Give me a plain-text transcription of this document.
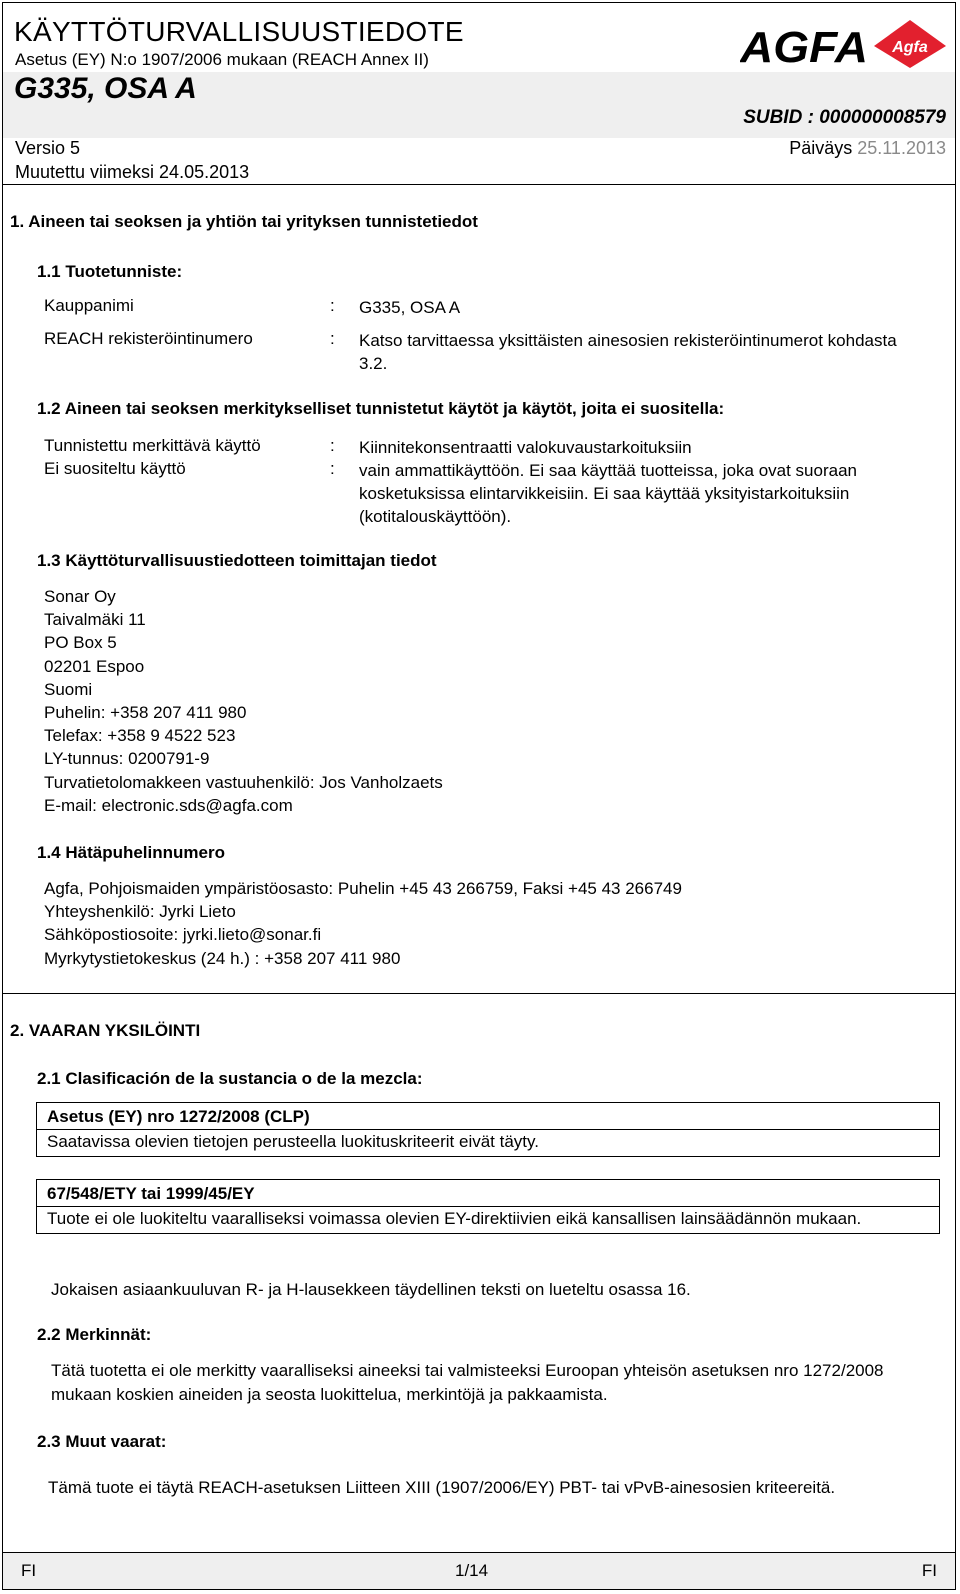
KÄYTTÖTURVALLISUUSTIEDOTE
Asetus (EY) N:o 1907/2006 mukaan (REACH Annex II)
G335, OSA A
SUBID : 000000008579
Versio 5
Muutettu viimeksi 24.05.2013
Päiväys 25.11.2013
AGFA Agfa
1. Aineen tai seoksen ja yhtiön tai yrityksen tunnistetiedot
1.1 Tuotetunniste:
Kauppanimi	: G335, OSA A
REACH rekisteröintinumero	: Katso tarvittaessa yksittäisten ainesosien rekisteröintinumerot kohdasta 3.2.
1.2 Aineen tai seoksen merkitykselliset tunnistetut käytöt ja käytöt, joita ei suositella:
Tunnistettu merkittävä käyttö	: Kiinnitekonsentraatti valokuvaustarkoituksiin
Ei suositeltu käyttö	: vain ammattikäyttöön. Ei saa käyttää tuotteissa, joka ovat suoraan kosketuksissa elintarvikkeisiin. Ei saa käyttää yksityistarkoituksiin (kotitalouskäyttöön).
1.3 Käyttöturvallisuustiedotteen toimittajan tiedot
Sonar Oy
Taivalmäki 11
PO Box 5
02201 Espoo
Suomi
Puhelin: +358 207 411 980
Telefax: +358 9 4522 523
LY-tunnus: 0200791-9
Turvatietolomakkeen vastuuhenkilö: Jos Vanholzaets
E-mail: electronic.sds@agfa.com
1.4 Hätäpuhelinnumero
Agfa, Pohjoismaiden ympäristöosasto: Puhelin +45 43 266759, Faksi +45 43 266749
Yhteyshenkilö: Jyrki Lieto
Sähköpostiosoite: jyrki.lieto@sonar.fi
Myrkytystietokeskus (24 h.) : +358 207 411 980
2. VAARAN YKSILÖINTI
2.1 Clasificación de la sustancia o de la mezcla:
Asetus (EY) nro 1272/2008 (CLP)
Saatavissa olevien tietojen perusteella luokituskriteerit eivät täyty.
67/548/ETY tai 1999/45/EY
Tuote ei ole luokiteltu vaaralliseksi voimassa olevien EY-direktiivien eikä kansallisen lainsäädännön mukaan.
Jokaisen asiaankuuluvan R- ja H-lausekkeen täydellinen teksti on lueteltu osassa 16.
2.2 Merkinnät:
Tätä tuotetta ei ole merkitty vaaralliseksi aineeksi tai valmisteeksi Euroopan yhteisön asetuksen nro 1272/2008 mukaan koskien aineiden ja seosta luokittelua, merkintöjä ja pakkaamista.
2.3 Muut vaarat:
Tämä tuote ei täytä REACH-asetuksen Liitteen XIII (1907/2006/EY) PBT- tai vPvB-ainesosien kriteereitä.
FI	1/14	FI
